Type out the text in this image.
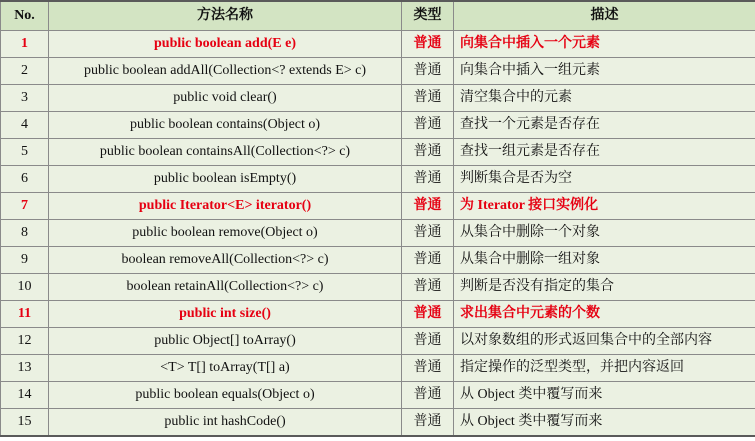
No.	方法名称	类型	描述
1	public boolean add(E e)	普通	向集合中插入一个元素
2	public boolean addAll(Collection<? extends E> c)	普通	向集合中插入一组元素
3	public void clear()	普通	清空集合中的元素
4	public boolean contains(Object o)	普通	查找一个元素是否存在
5	public boolean containsAll(Collection<?> c)	普通	查找一组元素是否存在
6	public boolean isEmpty()	普通	判断集合是否为空
7	public Iterator<E> iterator()	普通	为 Iterator 接口实例化
8	public boolean remove(Object o)	普通	从集合中删除一个对象
9	boolean removeAll(Collection<?> c)	普通	从集合中删除一组对象
10	boolean retainAll(Collection<?> c)	普通	判断是否没有指定的集合
11	public int size()	普通	求出集合中元素的个数
12	public Object[] toArray()	普通	以对象数组的形式返回集合中的全部内容
13	<T> T[] toArray(T[] a)	普通	指定操作的泛型类型，并把内容返回
14	public boolean equals(Object o)	普通	从 Object 类中覆写而来
15	public int hashCode()	普通	从 Object 类中覆写而来
